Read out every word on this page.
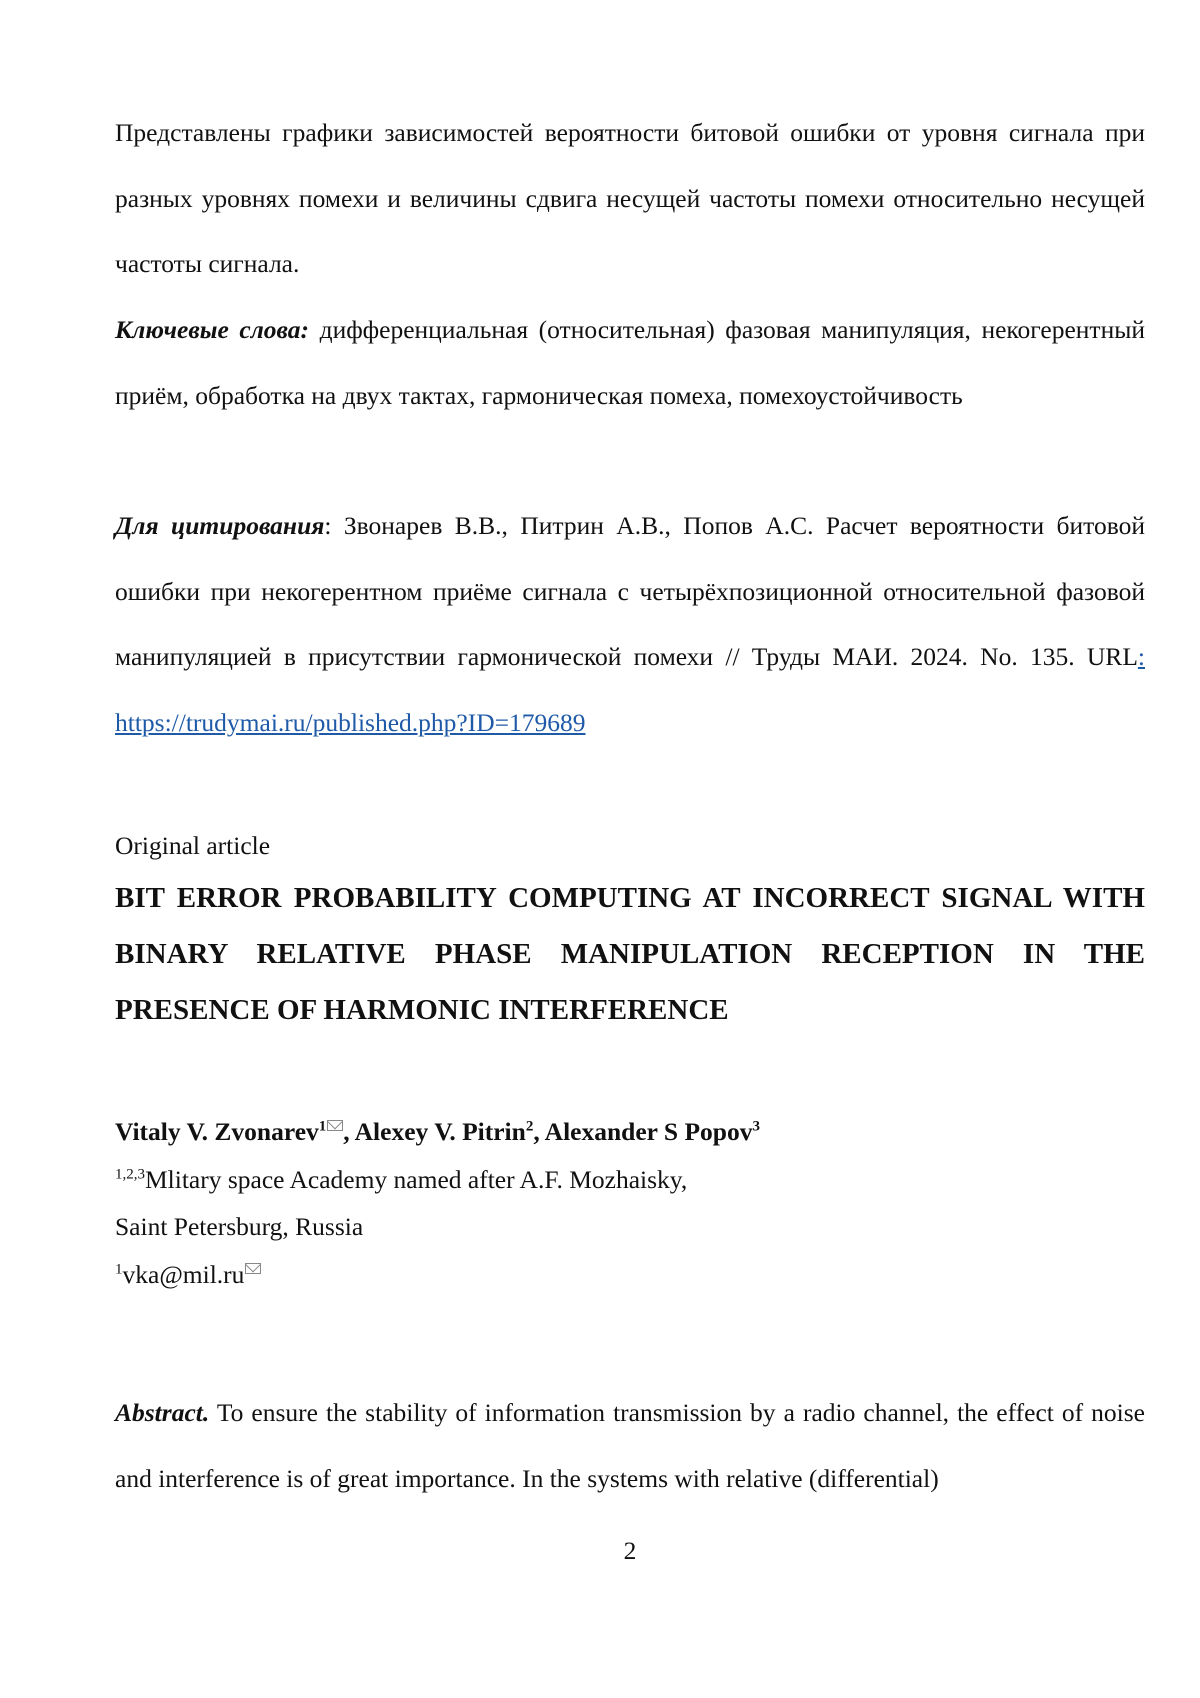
Представлены графики зависимостей вероятности битовой ошибки от уровня сигнала при разных уровнях помехи и величины сдвига несущей частоты помехи относительно несущей частоты сигнала.

Ключевые слова: дифференциальная (относительная) фазовая манипуляция, некогерентный приём, обработка на двух тактах, гармоническая помеха, помехоустойчивость

Для цитирования: Звонарев В.В., Питрин А.В., Попов А.С. Расчет вероятности битовой ошибки при некогерентном приёме сигнала с четырёхпозиционной относительной фазовой манипуляцией в присутствии гармонической помехи // Труды МАИ. 2024. No. 135. URL: https://trudymai.ru/published.php?ID=179689

Original article
BIT ERROR PROBABILITY COMPUTING AT INCORRECT SIGNAL WITH BINARY RELATIVE PHASE MANIPULATION RECEPTION IN THE PRESENCE OF HARMONIC INTERFERENCE
Vitaly V. Zvonarev$^1$ , Alexey V. Pitrin$^2$, Alexander S Popov$^3$
$^{1,2,3}$Mlitary space Academy named after A.F. Mozhaisky,
Saint Petersburg, Russia
$^1$vka@mil.ru

Abstract. To ensure the stability of information transmission by a radio channel, the effect of noise and interference is of great importance. In the systems with relative (differential)

2
